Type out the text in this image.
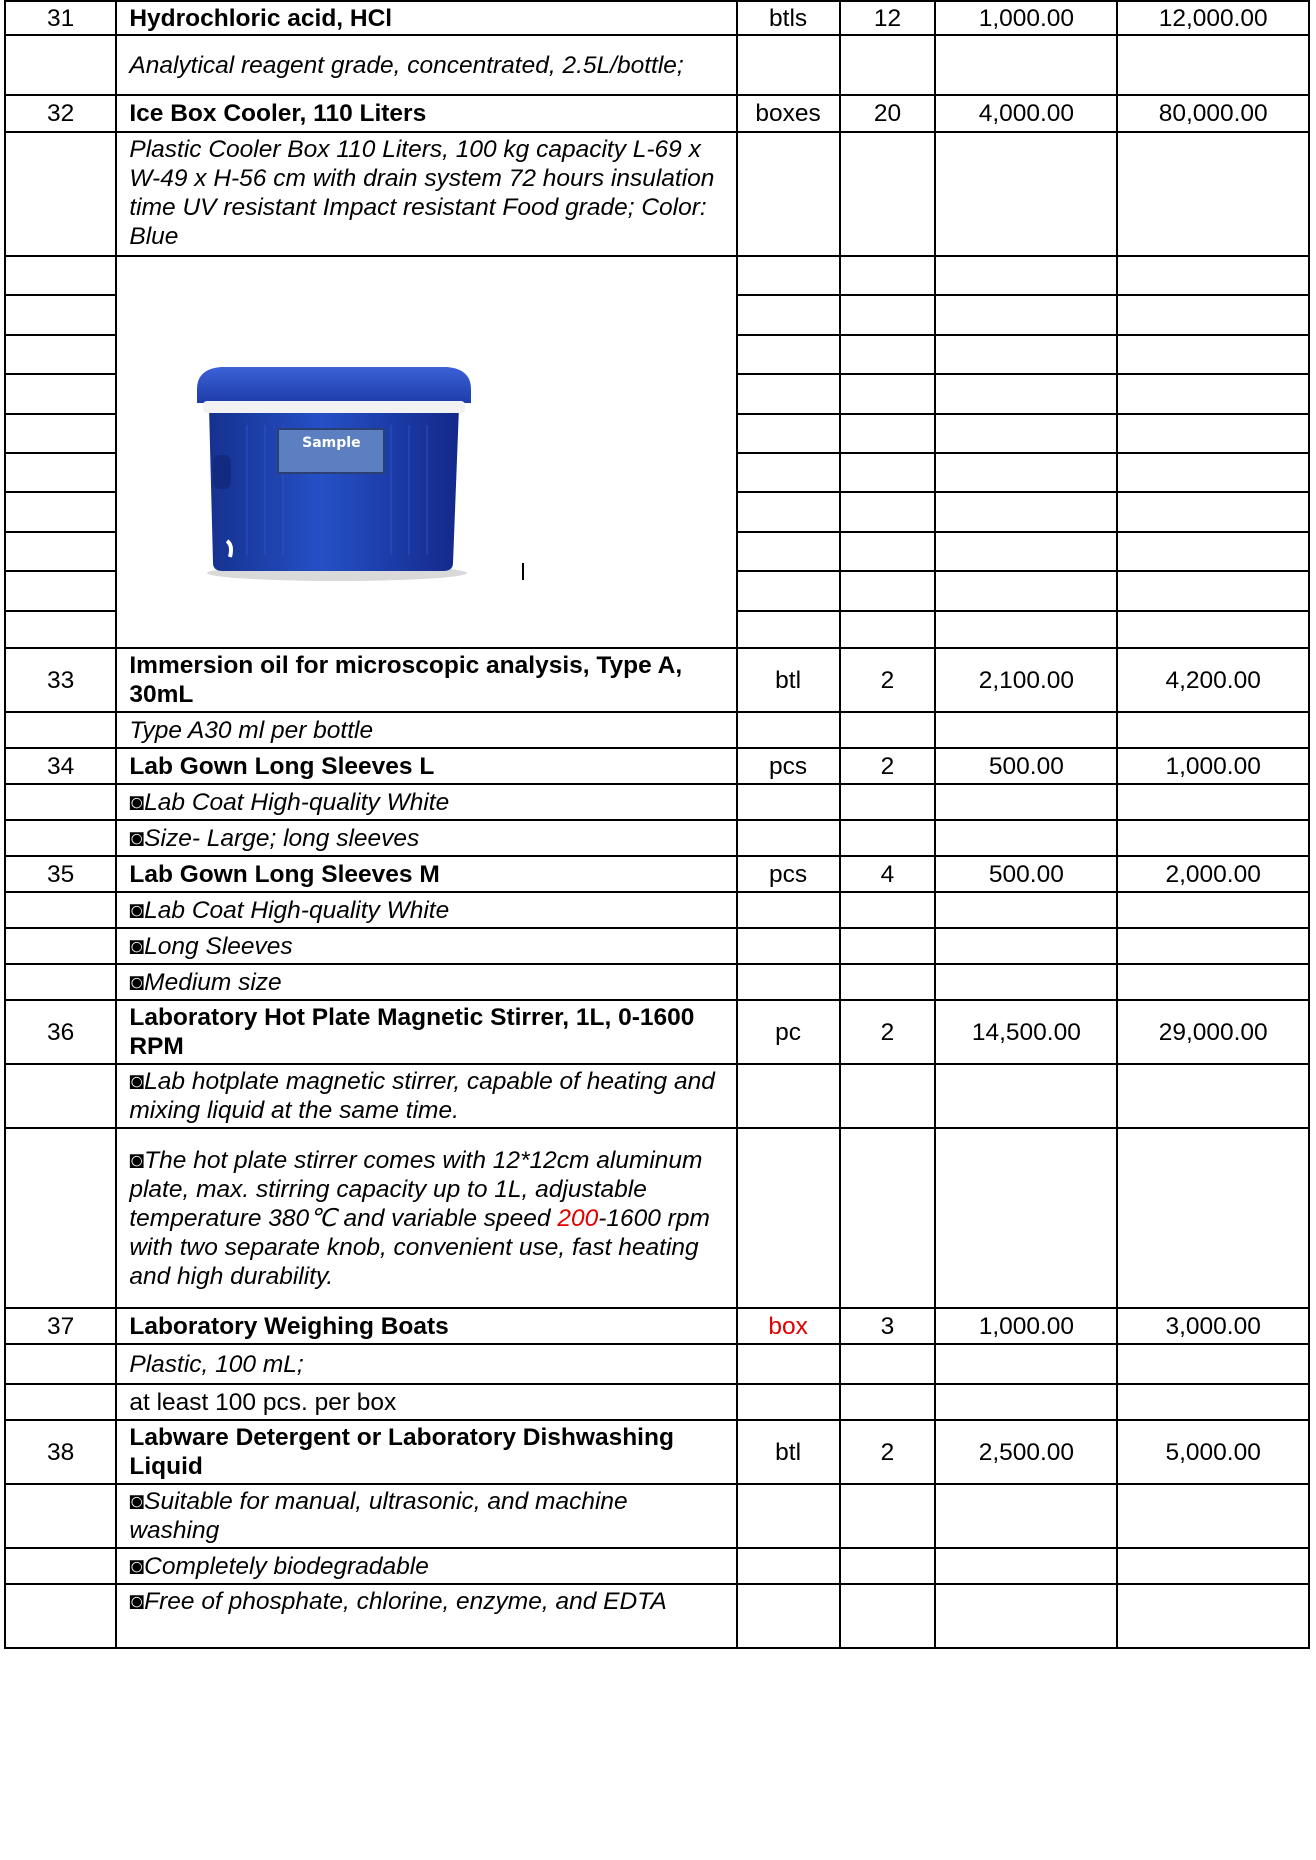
31	Hydrochloric acid, HCl	btls	12	1,000.00	12,000.00
	Analytical reagent grade, concentrated, 2.5L/bottle;				
32	Ice Box Cooler, 110 Liters	boxes	20	4,000.00	80,000.00
	Plastic Cooler Box 110 Liters, 100 kg capacity L-69 x W-49 x H-56 cm with drain system 72 hours insulation time UV resistant Impact resistant Food grade; Color: Blue				

	Sample				

33	Immersion oil for microscopic analysis, Type A, 30mL	btl	2	2,100.00	4,200.00
	Type A30 ml per bottle				
34	Lab Gown Long Sleeves L	pcs	2	500.00	1,000.00
	◙Lab Coat High-quality White				
	◙Size- Large; long sleeves				
35	Lab Gown Long Sleeves M	pcs	4	500.00	2,000.00
	◙Lab Coat High-quality White				
	◙Long Sleeves				
	◙Medium size				
36	Laboratory Hot Plate Magnetic Stirrer, 1L, 0-1600 RPM	pc	2	14,500.00	29,000.00
	◙Lab hotplate magnetic stirrer, capable of heating and mixing liquid at the same time.				
	◙The hot plate stirrer comes with 12*12cm aluminum plate, max. stirring capacity up to 1L, adjustable temperature 380℃ and variable speed 200-1600 rpm with two separate knob, convenient use, fast heating and high durability.				
37	Laboratory Weighing Boats	box	3	1,000.00	3,000.00
	Plastic, 100 mL;				
	at least 100 pcs. per box				
38	Labware Detergent or Laboratory Dishwashing Liquid	btl	2	2,500.00	5,000.00
	◙Suitable for manual, ultrasonic, and machine washing				
	◙Completely biodegradable				
	◙Free of phosphate, chlorine, enzyme, and EDTA				
